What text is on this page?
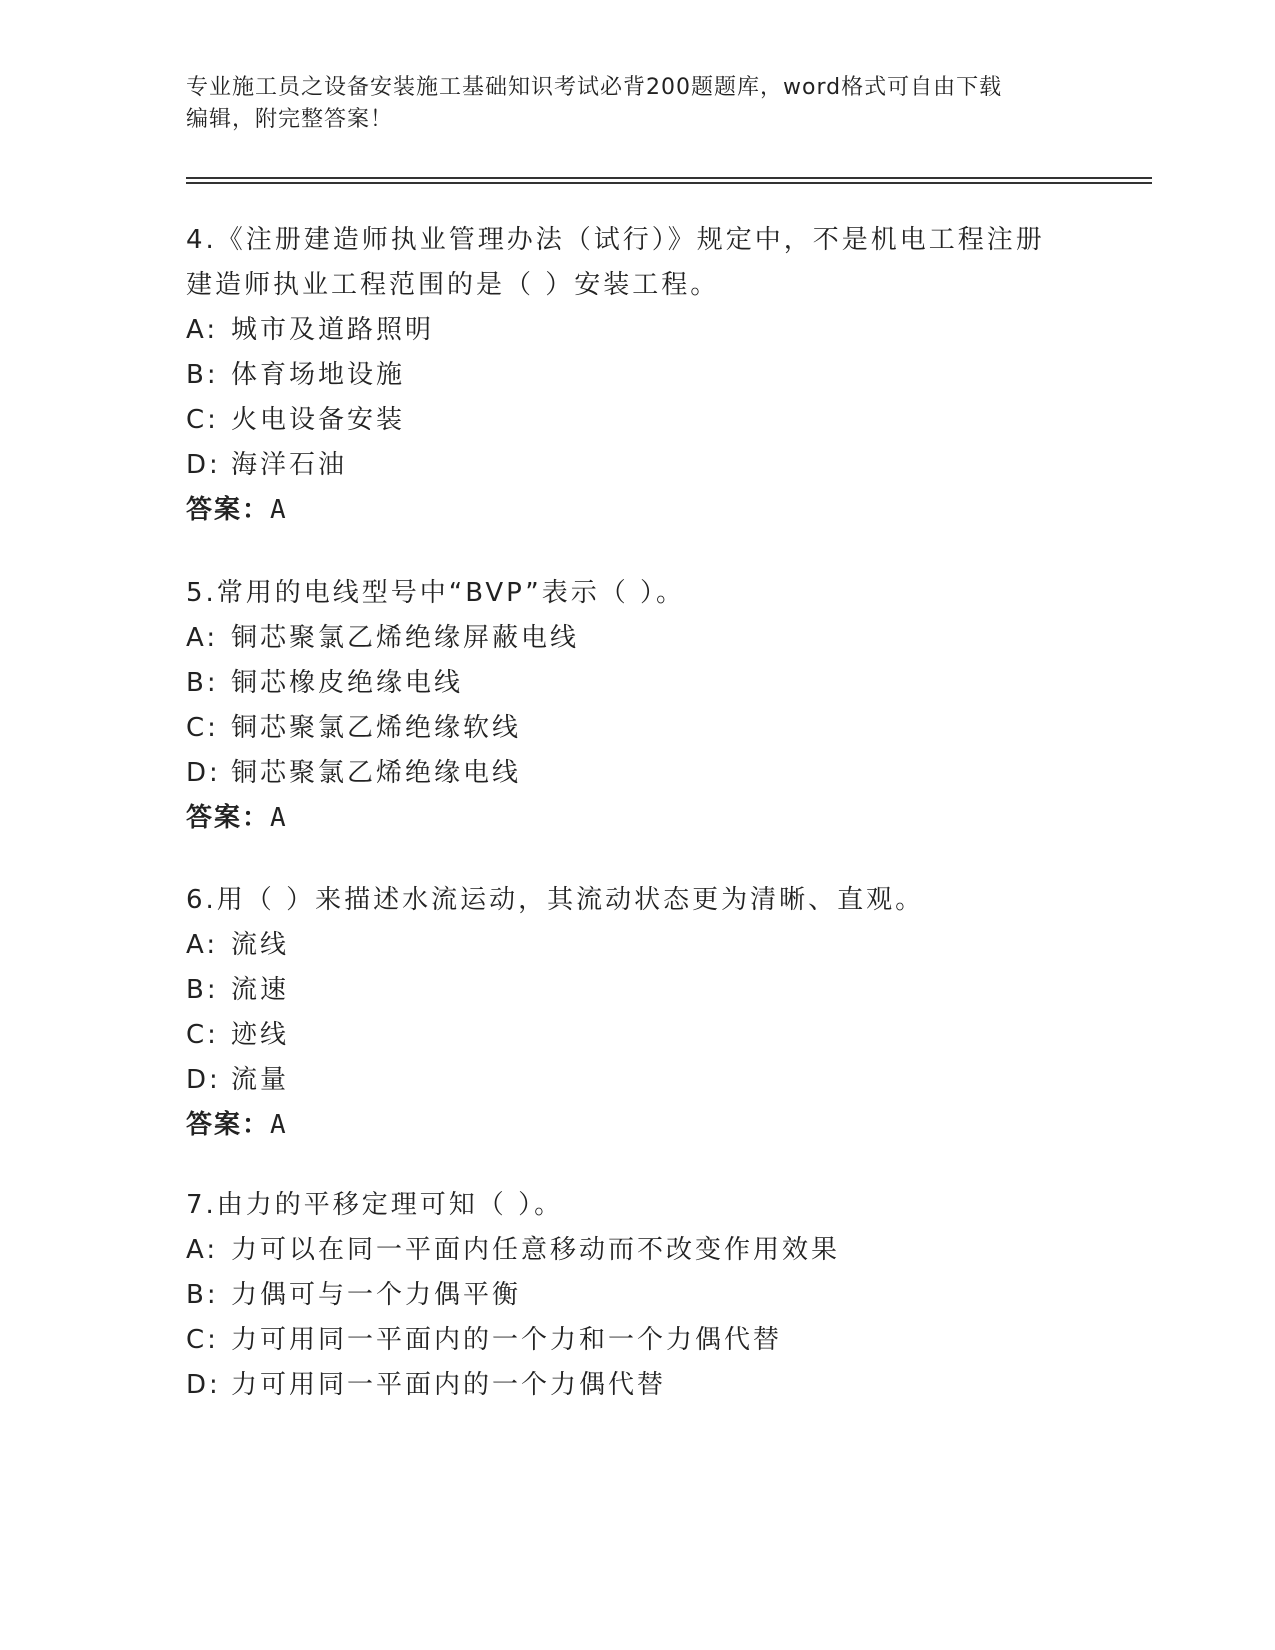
专业施工员之设备安装施工基础知识考试必背200题题库，word格式可自由下载
编辑，附完整答案！
4.《注册建造师执业管理办法（试行）》规定中，不是机电工程注册
建造师执业工程范围的是（ ）安装工程。
A: 城市及道路照明
B: 体育场地设施
C: 火电设备安装
D: 海洋石油
答案：A
5.常用的电线型号中“BVP”表示（ ）。
A: 铜芯聚氯乙烯绝缘屏蔽电线
B: 铜芯橡皮绝缘电线
C: 铜芯聚氯乙烯绝缘软线
D: 铜芯聚氯乙烯绝缘电线
答案：A
6.用（ ）来描述水流运动，其流动状态更为清晰、直观。
A: 流线
B: 流速
C: 迹线
D: 流量
答案：A
7.由力的平移定理可知（ ）。
A: 力可以在同一平面内任意移动而不改变作用效果
B: 力偶可与一个力偶平衡
C: 力可用同一平面内的一个力和一个力偶代替
D: 力可用同一平面内的一个力偶代替
